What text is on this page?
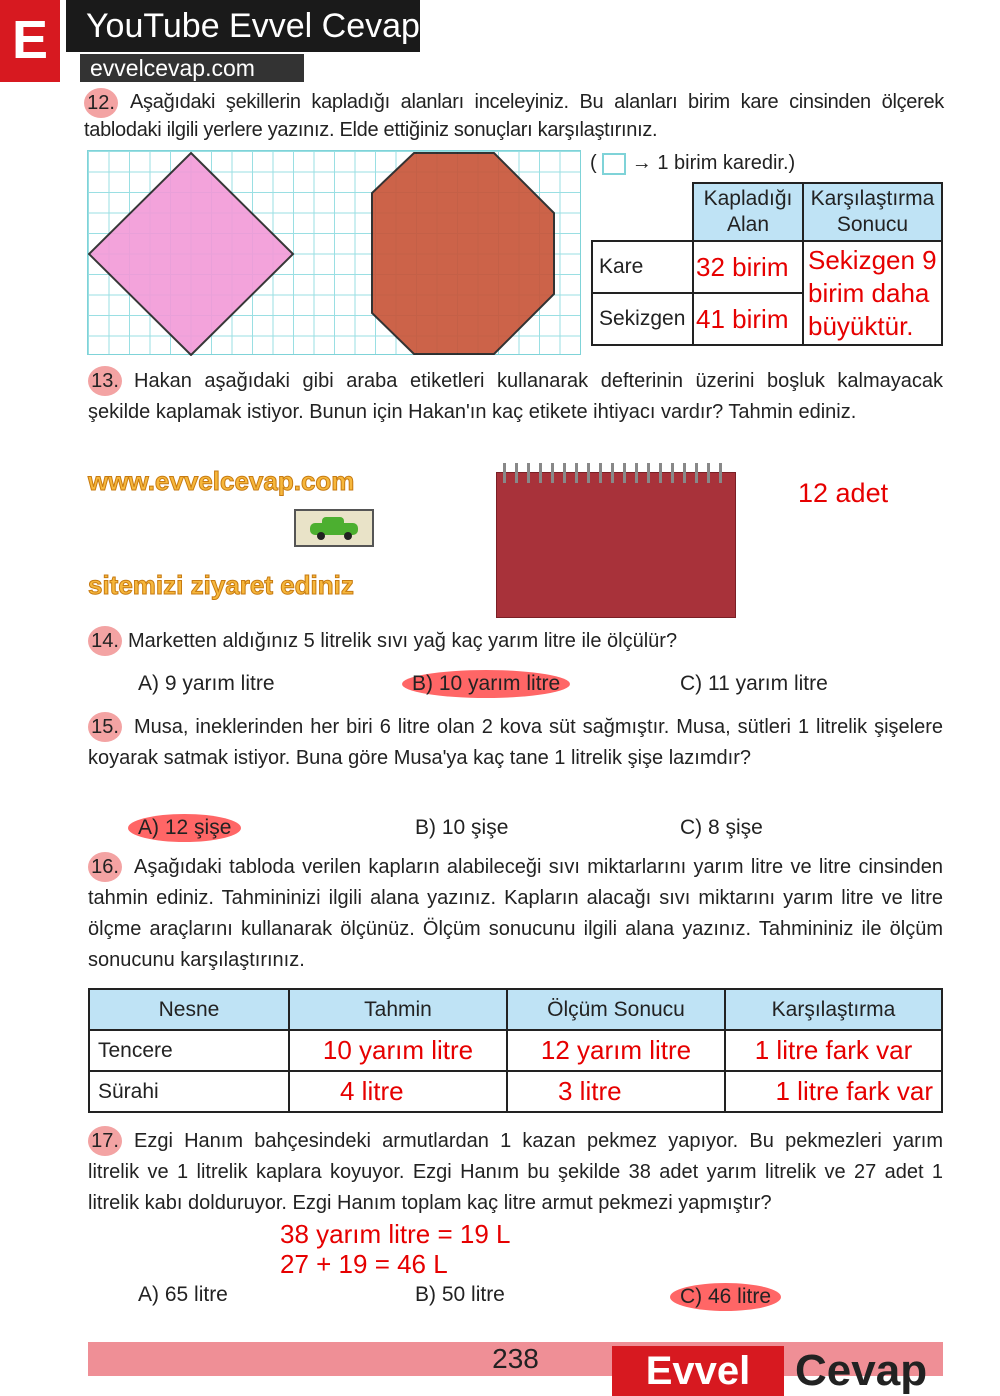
E	YouTube Evvel Cevap
evvelcevap.com
12. Aşağıdaki şekillerin kapladığı alanları inceleyiniz. Bu alanları birim kare cinsinden ölçerek tablodaki ilgili yerlere yazınız. Elde ettiğiniz sonuçları karşılaştırınız.
( → 1 birim karedir.)
	Kapladığı Alan	Karşılaştırma Sonucu
Kare	32 birim	Sekizgen 9 birim daha büyüktür.
Sekizgen	41 birim	
13. Hakan aşağıdaki gibi araba etiketleri kullanarak defterinin üzerini boşluk kalmayacak şekilde kaplamak istiyor. Bunun için Hakan'ın kaç etikete ihtiyacı vardır? Tahmin ediniz.
12 adet
www.evvelcevap.com
sitemizi ziyaret ediniz
14. Marketten aldığınız 5 litrelik sıvı yağ kaç yarım litre ile ölçülür?
A) 9 yarım litre	B) 10 yarım litre	C) 11 yarım litre
15. Musa, ineklerinden her biri 6 litre olan 2 kova süt sağmıştır. Musa, sütleri 1 litrelik şişelere koyarak satmak istiyor. Buna göre Musa'ya kaç tane 1 litrelik şişe lazımdır?
A) 12 şişe	B) 10 şişe	C) 8 şişe
16. Aşağıdaki tabloda verilen kapların alabileceği sıvı miktarlarını yarım litre ve litre cinsinden tahmin ediniz. Tahmininizi ilgili alana yazınız. Kapların alacağı sıvı miktarını yarım litre ve litre ölçme araçlarını kullanarak ölçünüz. Ölçüm sonucunu ilgili alana yazınız. Tahmininiz ile ölçüm sonucunu karşılaştırınız.
Nesne	Tahmin	Ölçüm Sonucu	Karşılaştırma
Tencere	10 yarım litre	12 yarım litre	1 litre fark var
Sürahi	4 litre	3 litre	1 litre fark var
17. Ezgi Hanım bahçesindeki armutlardan 1 kazan pekmez yapıyor. Bu pekmezleri yarım litrelik ve 1 litrelik kaplara koyuyor. Ezgi Hanım bu şekilde 38 adet yarım litrelik ve 27 adet 1 litrelik kabı dolduruyor. Ezgi Hanım toplam kaç litre armut pekmezi yapmıştır?
38 yarım litre = 19 L
27 + 19 = 46 L
A) 65 litre	B) 50 litre	C) 46 litre
238	Evvel	Cevap
